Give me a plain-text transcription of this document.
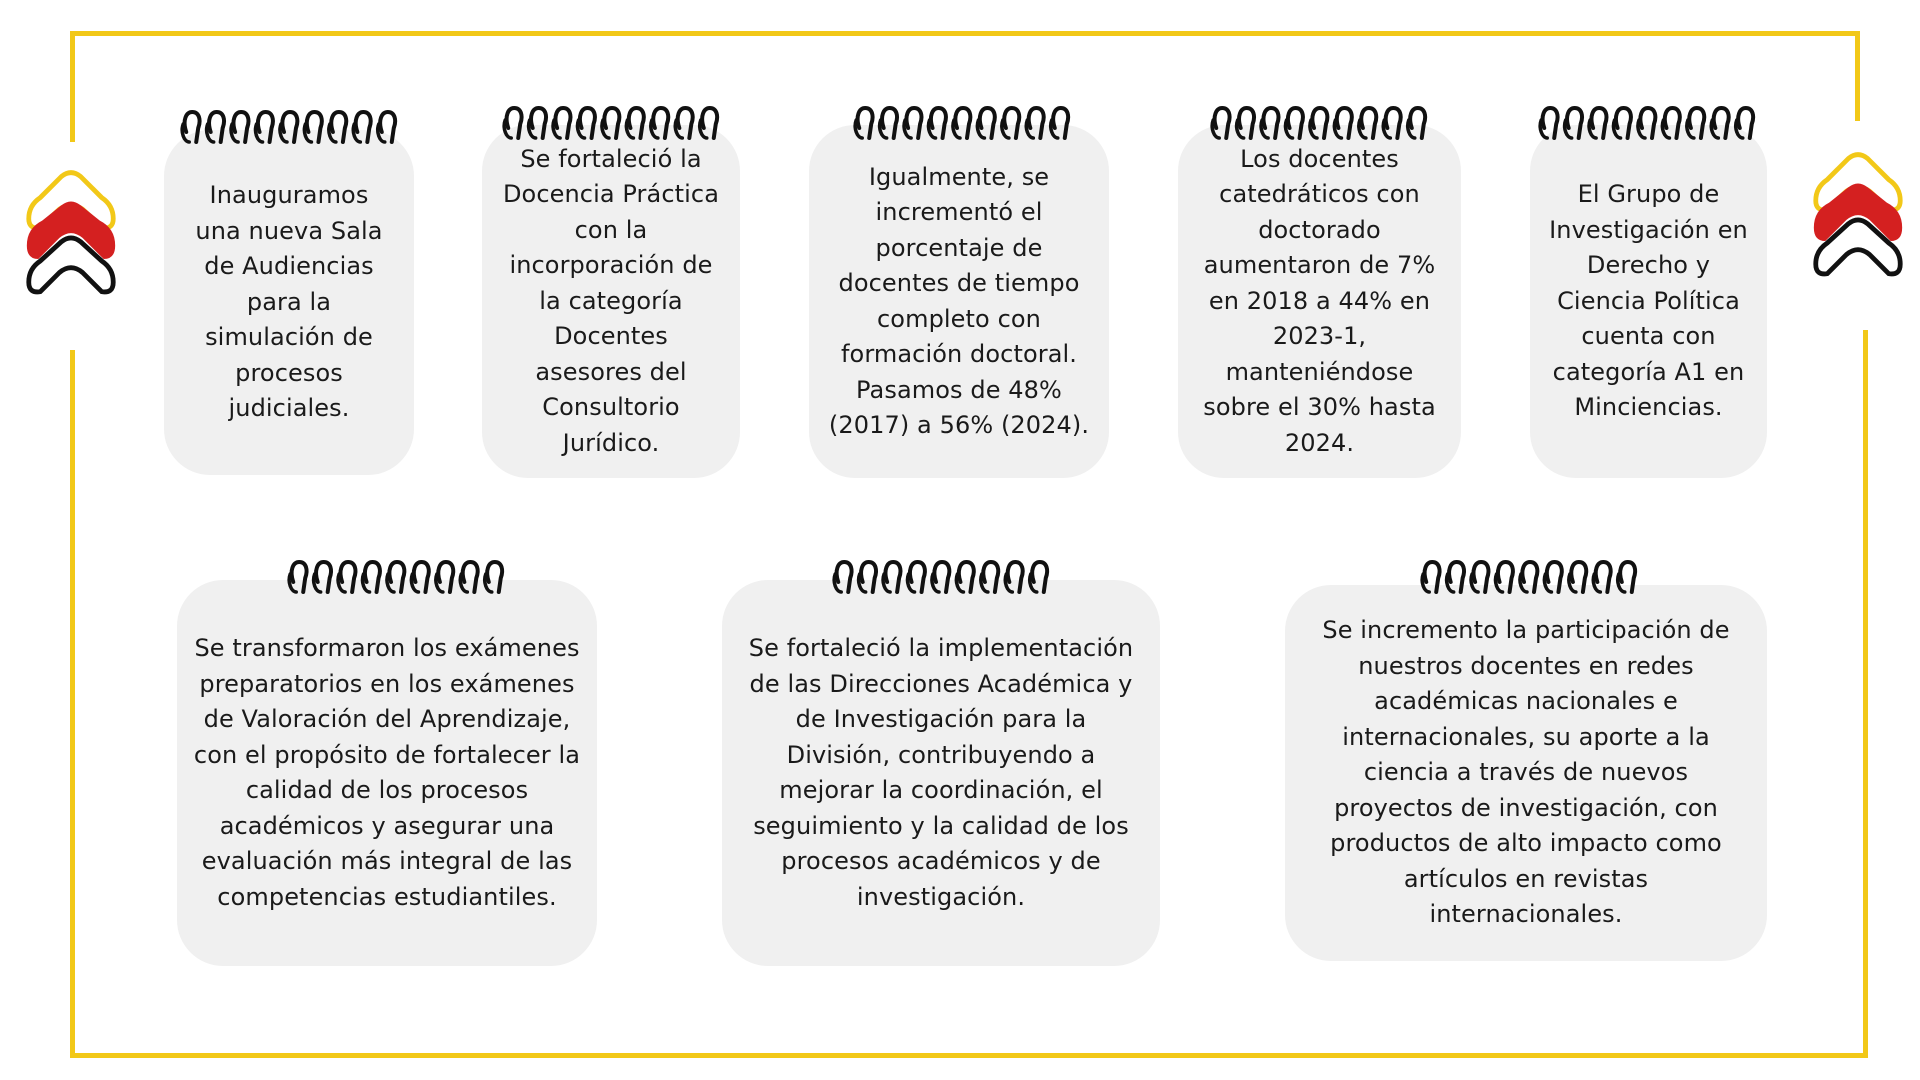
Inauguramos una nueva Sala de Audiencias para la simulación de procesos judiciales.

Se fortaleció la Docencia Práctica con la incorporación de la categoría Docentes asesores del Consultorio Jurídico.

Igualmente, se incrementó el porcentaje de docentes de tiempo completo con formación doctoral. Pasamos de 48% (2017) a 56% (2024).

Los docentes catedráticos con doctorado aumentaron de 7% en 2018 a 44% en 2023-1, manteniéndose sobre el 30% hasta 2024.

El Grupo de Investigación en Derecho y Ciencia Política cuenta con categoría A1 en Minciencias.

Se transformaron los exámenes preparatorios en los exámenes de Valoración del Aprendizaje, con el propósito de fortalecer la calidad de los procesos académicos y asegurar una evaluación más integral de las competencias estudiantiles.

Se fortaleció la implementación de las Direcciones Académica y de Investigación para la División, contribuyendo a mejorar la coordinación, el seguimiento y la calidad de los procesos académicos y de investigación.

Se incremento la participación de nuestros docentes en redes académicas nacionales e internacionales, su aporte a la ciencia a través de nuevos proyectos de investigación, con productos de alto impacto como artículos en revistas internacionales.
